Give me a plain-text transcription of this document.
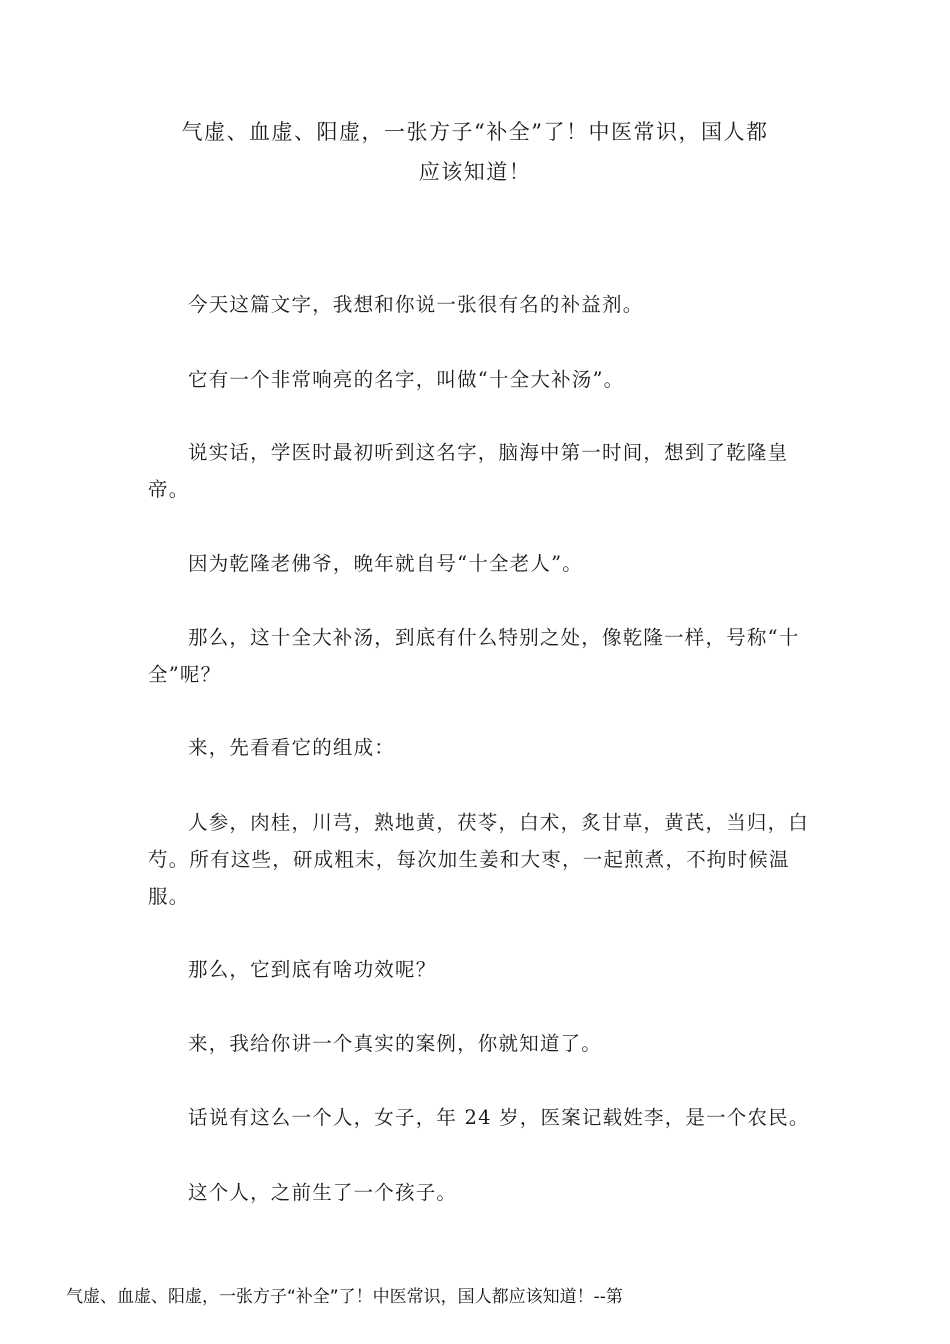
气虚、血虚、阳虚，一张方子“补全”了！中医常识，国人都
应该知道！

今天这篇文字，我想和你说一张很有名的补益剂。

它有一个非常响亮的名字，叫做“十全大补汤”。

说实话，学医时最初听到这名字，脑海中第一时间，想到了乾隆皇帝。

因为乾隆老佛爷，晚年就自号“十全老人”。

那么，这十全大补汤，到底有什么特别之处，像乾隆一样，号称“十全”呢？

来，先看看它的组成：

人参，肉桂，川芎，熟地黄，茯苓，白术，炙甘草，黄芪，当归，白芍。所有这些，研成粗末，每次加生姜和大枣，一起煎煮，不拘时候温服。

那么，它到底有啥功效呢？

来，我给你讲一个真实的案例，你就知道了。

话说有这么一个人，女子，年 24 岁，医案记载姓李，是一个农民。

这个人，之前生了一个孩子。

气虚、血虚、阳虚，一张方子“补全”了！中医常识，国人都应该知道！--第
